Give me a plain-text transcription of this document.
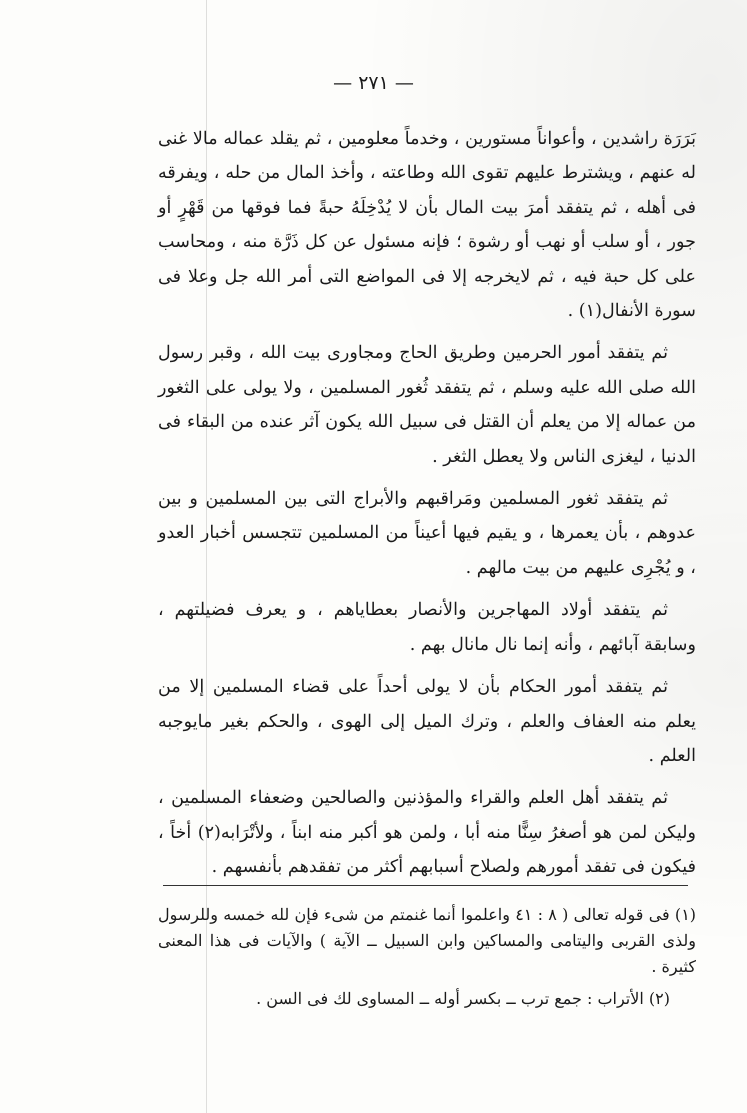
— ٢٧١ —

بَرَرَة راشدين ، وأعواناً مستورين ، وخدماً معلومين ، ثم يقلد عماله مالا غنى له عنهم ، ويشترط عليهم تقوى الله وطاعته ، وأخذ المال من حله ، ويفرقه فى أهله ، ثم يتفقد أمرَ بيت المال بأن لا يُدْخِلَهُ حبةً فما فوقها من قَهْرٍ أو جور ، أو سلب أو نهب أو رشوة ؛ فإنه مسئول عن كل ذَرَّة منه ، ومحاسب على كل حبة فيه ، ثم لايخرجه إلا فى المواضع التى أمر الله جل وعلا فى سورة الأنفال(١) .

ثم يتفقد أمور الحرمين وطريق الحاج ومجاورى بيت الله ، وقبر رسول الله صلى الله عليه وسلم ، ثم يتفقد ثُغور المسلمين ، ولا يولى على الثغور من عماله إلا من يعلم أن القتل فى سبيل الله يكون آثر عنده من البقاء فى الدنيا ، ليغزى الناس ولا يعطل الثغر .

ثم يتفقد ثغور المسلمين ومَراقبهم والأبراج التى بين المسلمين و بين عدوهم ، بأن يعمرها ، و يقيم فيها أعيناً من المسلمين تتجسس أخبار العدو ، و يُجْرِى عليهم من بيت مالهم .

ثم يتفقد أولاد المهاجرين والأنصار بعطاياهم ، و يعرف فضيلتهم ، وسابقة آبائهم ، وأنه إنما نال مانال بهم .

ثم يتفقد أمور الحكام بأن لا يولى أحداً على قضاء المسلمين إلا من يعلم منه العفاف والعلم ، وترك الميل إلى الهوى ، والحكم بغير مايوجبه العلم .

ثم يتفقد أهل العلم والقراء والمؤذنين والصالحين وضعفاء المسلمين ، وليكن لمن هو أصغرُ سِنًّا منه أبا ، ولمن هو أكبر منه ابناً ، ولأتْرَابه(٢) أخاً ، فيكون فى تفقد أمورهم ولصلاح أسبابهم أكثر من تفقدهم بأنفسهم .

(١) فى قوله تعالى ( ٨ : ٤١ واعلموا أنما غنمتم من شىء فإن لله خمسه وللرسول ولذى القربى واليتامى والمساكين وابن السبيل ــ الآية ) والآيات فى هذا المعنى كثيرة .

(٢) الأتراب : جمع ترب ــ بكسر أوله ــ المساوى لك فى السن .
